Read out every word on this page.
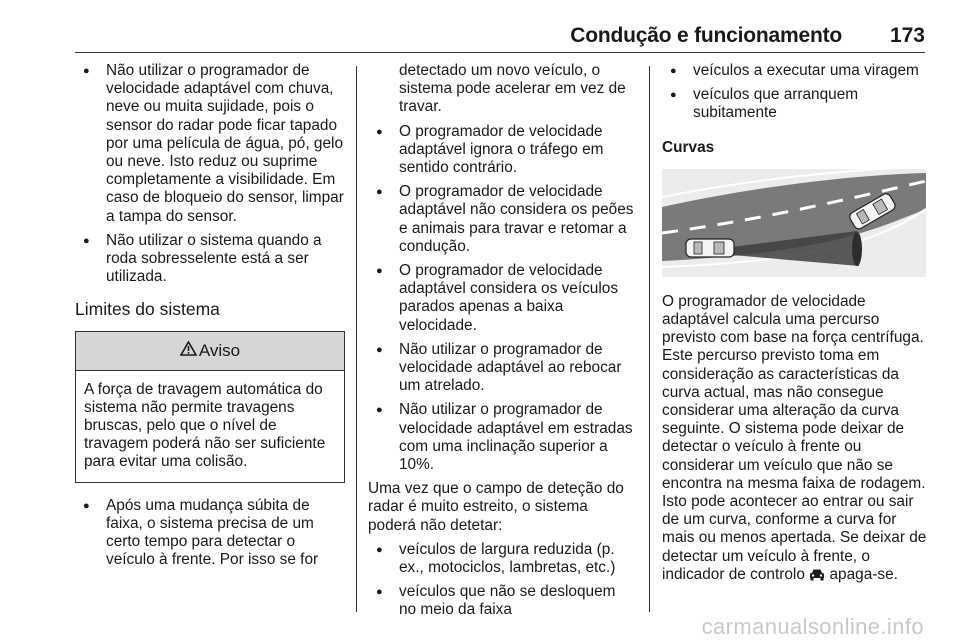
Condução e funcionamento 173
● Não utilizar o programador de velocidade adaptável com chuva, neve ou muita sujidade, pois o sensor do radar pode ficar tapado por uma película de água, pó, gelo ou neve. Isto reduz ou suprime completamente a visibilidade. Em caso de bloqueio do sensor, limpar a tampa do sensor.
● Não utilizar o sistema quando a roda sobresselente está a ser utilizada.
Limites do sistema
Aviso
A força de travagem automática do sistema não permite travagens bruscas, pelo que o nível de travagem poderá não ser suficiente para evitar uma colisão.
● Após uma mudança súbita de faixa, o sistema precisa de um certo tempo para detectar o veículo à frente. Por isso se for
detectado um novo veículo, o sistema pode acelerar em vez de travar.
● O programador de velocidade adaptável ignora o tráfego em sentido contrário.
● O programador de velocidade adaptável não considera os peões e animais para travar e retomar a condução.
● O programador de velocidade adaptável considera os veículos parados apenas a baixa velocidade.
● Não utilizar o programador de velocidade adaptável ao rebocar um atrelado.
● Não utilizar o programador de velocidade adaptável em estradas com uma inclinação superior a 10%.
Uma vez que o campo de deteção do radar é muito estreito, o sistema poderá não detetar:
● veículos de largura reduzida (p. ex., motociclos, lambretas, etc.)
● veículos que não se desloquem no meio da faixa
● veículos a executar uma viragem
● veículos que arranquem subitamente
Curvas
O programador de velocidade adaptável calcula uma percurso previsto com base na força centrífuga. Este percurso previsto toma em consideração as características da curva actual, mas não consegue considerar uma alteração da curva seguinte. O sistema pode deixar de detectar o veículo à frente ou considerar um veículo que não se encontra na mesma faixa de rodagem. Isto pode acontecer ao entrar ou sair de um curva, conforme a curva for mais ou menos apertada. Se deixar de detectar um veículo à frente, o indicador de controlo apaga-se.
carmanualsonline.info
